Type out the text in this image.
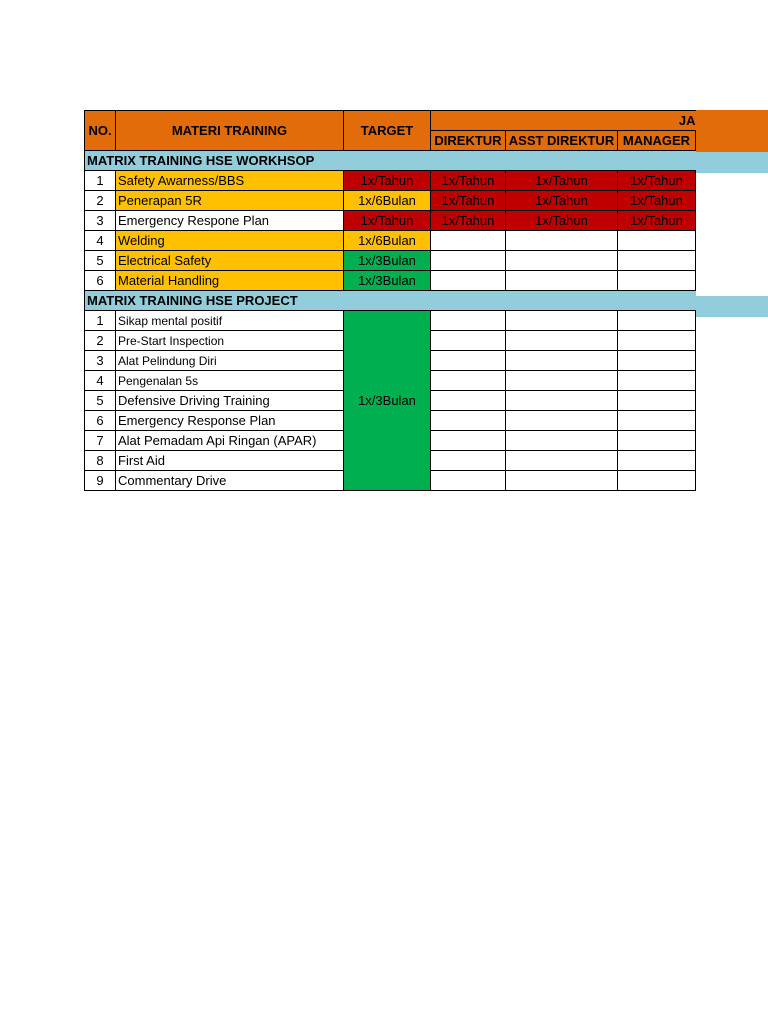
NO.	MATERI TRAINING	TARGET	JA		
			DIREKTUR	ASST DIREKTUR	MANAGER
MATRIX TRAINING HSE WORKHSOP					
1	Safety Awarness/BBS	1x/Tahun	1x/Tahun	1x/Tahun	1x/Tahun
2	Penerapan 5R	1x/6Bulan	1x/Tahun	1x/Tahun	1x/Tahun
3	Emergency Respone Plan	1x/Tahun	1x/Tahun	1x/Tahun	1x/Tahun
4	Welding	1x/6Bulan			
5	Electrical Safety	1x/3Bulan			
6	Material Handling	1x/3Bulan			
MATRIX TRAINING HSE PROJECT					
1	Sikap mental positif	1x/3Bulan			
2	Pre-Start Inspection				
3	Alat Pelindung Diri				
4	Pengenalan 5s				
5	Defensive Driving Training				
6	Emergency Response Plan				
7	Alat Pemadam Api Ringan (APAR)				
8	First Aid				
9	Commentary Drive				
